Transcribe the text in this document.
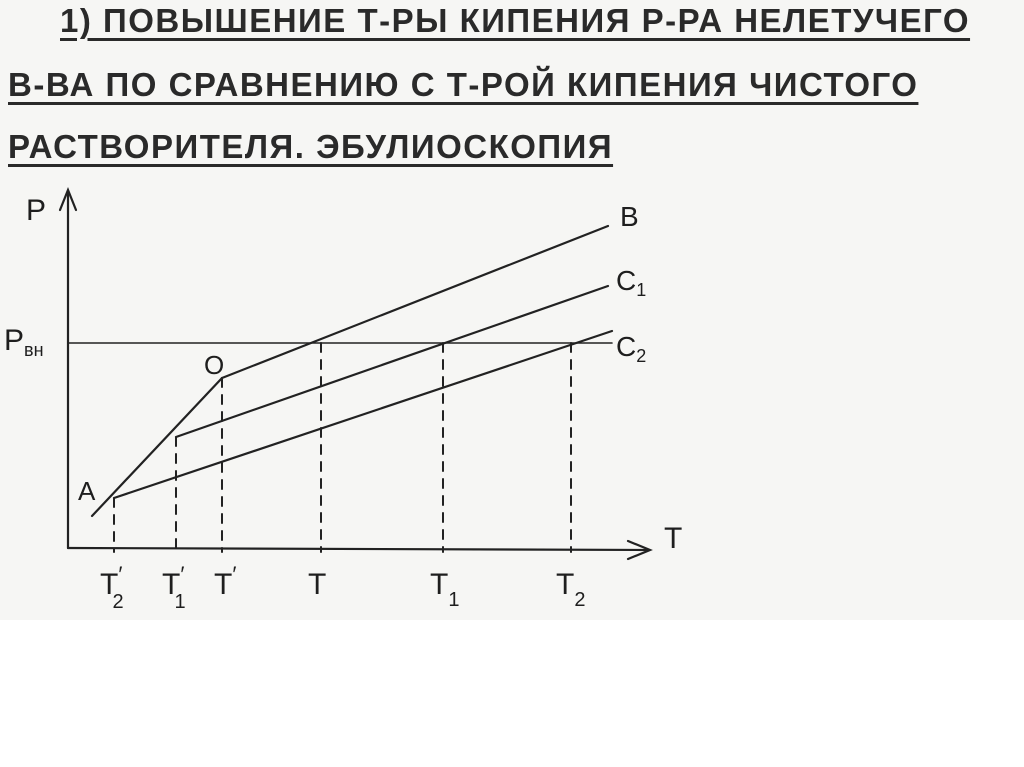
1) ПОВЫШЕНИЕ Т-РЫ КИПЕНИЯ Р-РА НЕЛЕТУЧЕГО
В-ВА ПО СРАВНЕНИЮ С Т-РОЙ КИПЕНИЯ ЧИСТОГО
РАСТВОРИТЕЛЯ. ЭБУЛИОСКОПИЯ
P
T
$P_{вн}$	O
A
B
$C_1$
$C_2$
T′ 2
T′ 1
T′ T	$T_1$	$T_2$
